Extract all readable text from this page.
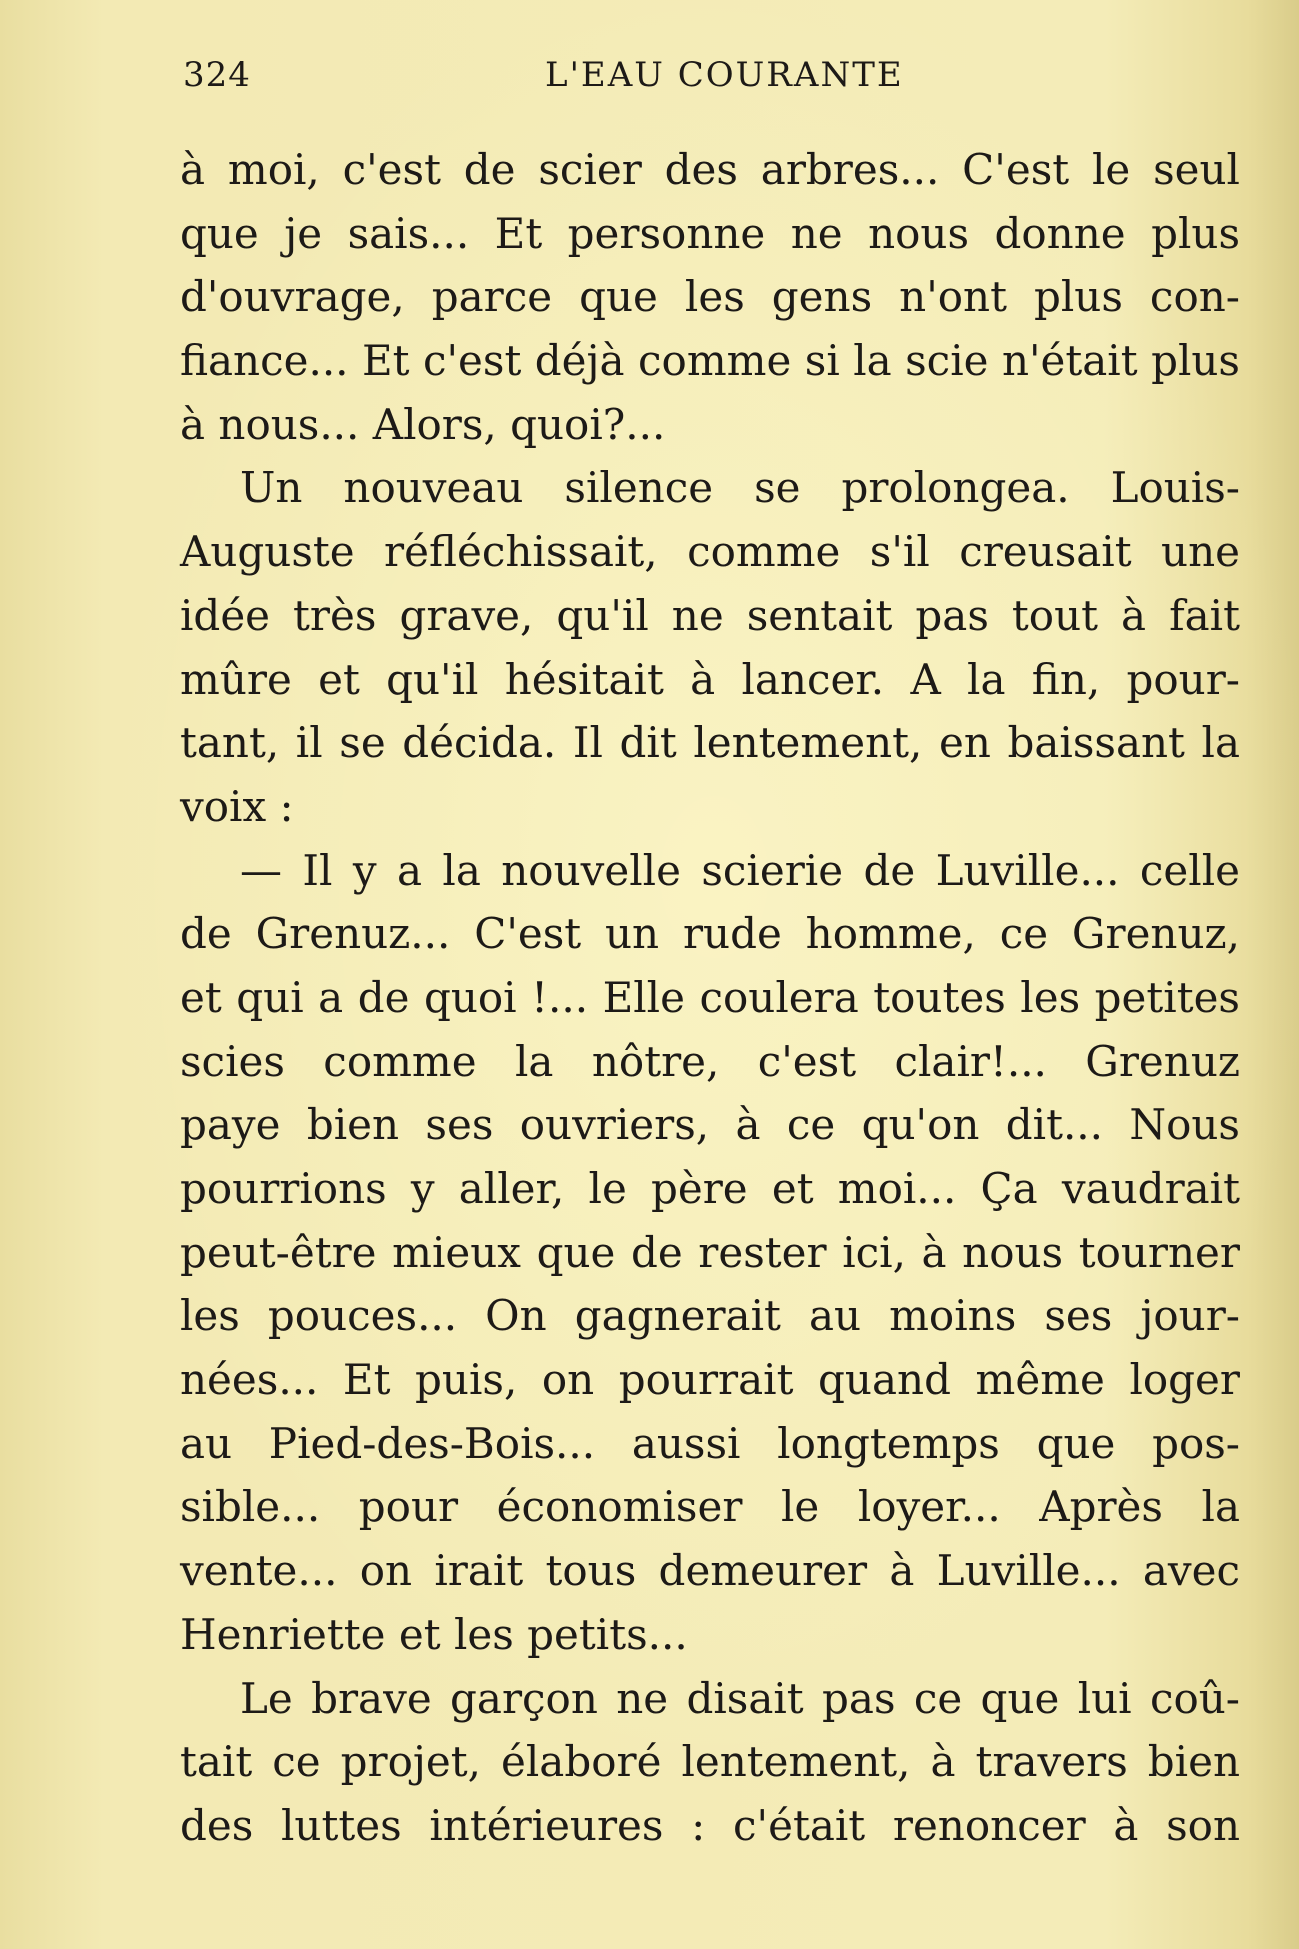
324	L'EAU COURANTE
à moi, c'est de scier des arbres... C'est le seul
que je sais... Et personne ne nous donne plus
d'ouvrage, parce que les gens n'ont plus con-
fiance... Et c'est déjà comme si la scie n'était plus
à nous... Alors, quoi?...
Un nouveau silence se prolongea. Louis-
Auguste réfléchissait, comme s'il creusait une
idée très grave, qu'il ne sentait pas tout à fait
mûre et qu'il hésitait à lancer. A la fin, pour-
tant, il se décida. Il dit lentement, en baissant la
voix :
— Il y a la nouvelle scierie de Luville... celle
de Grenuz... C'est un rude homme, ce Grenuz,
et qui a de quoi !... Elle coulera toutes les petites
scies comme la nôtre, c'est clair!... Grenuz
paye bien ses ouvriers, à ce qu'on dit... Nous
pourrions y aller, le père et moi... Ça vaudrait
peut-être mieux que de rester ici, à nous tourner
les pouces... On gagnerait au moins ses jour-
nées... Et puis, on pourrait quand même loger
au Pied-des-Bois... aussi longtemps que pos-
sible... pour économiser le loyer... Après la
vente... on irait tous demeurer à Luville... avec
Henriette et les petits...
Le brave garçon ne disait pas ce que lui coû-
tait ce projet, élaboré lentement, à travers bien
des luttes intérieures : c'était renoncer à son
